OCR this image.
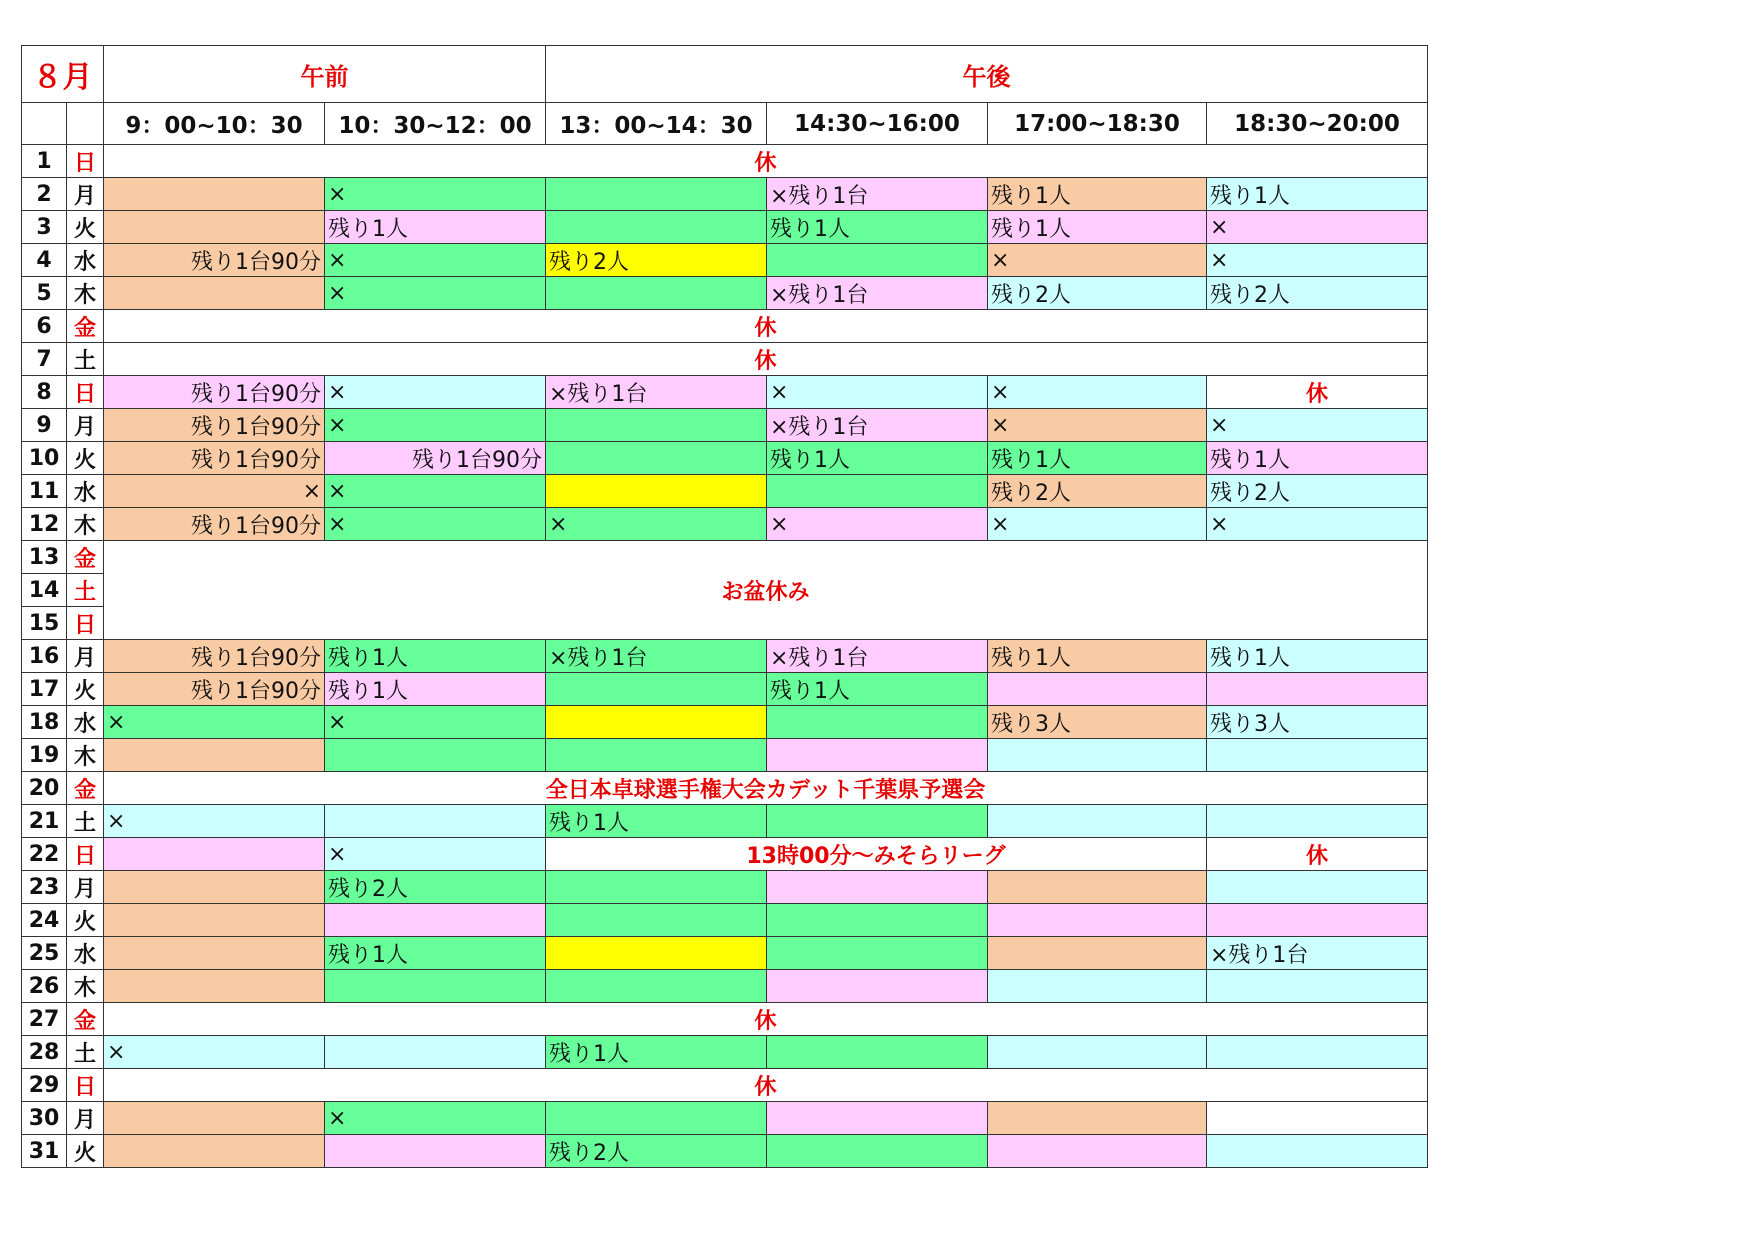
８月		午前		午後			
		9：00~10：30	10：30~12：00	13：00~14：30	14:30~16:00	17:00~18:30	18:30~20:00
1	日	休					
2	月		×		×残り1台	残り1人	残り1人
3	火		残り1人		残り1人	残り1人	×
4	水	残り1台90分	×	残り2人		×	×
5	木		×		×残り1台	残り2人	残り2人
6	金	休					
7	土	休					
8	日	残り1台90分	×	×残り1台	×	×	休
9	月	残り1台90分	×		×残り1台	×	×
10	火	残り1台90分	残り1台90分		残り1人	残り1人	残り1人
11	水	×	×			残り2人	残り2人
12	木	残り1台90分	×	×	×	×	×
13	金	お盆休み					
14	土						
15	日						
16	月	残り1台90分	残り1人	×残り1台	×残り1台	残り1人	残り1人
17	火	残り1台90分	残り1人		残り1人		
18	水	×	×			残り3人	残り3人
19	木						
20	金	全日本卓球選手権大会カデット千葉県予選会					
21	土	×		残り1人			
22	日		×	13時00分～みそらリーグ			休
23	月		残り2人				
24	火						
25	水		残り1人				×残り1台
26	木						
27	金	休					
28	土	×		残り1人			
29	日	休					
30	月		×				
31	火			残り2人			
